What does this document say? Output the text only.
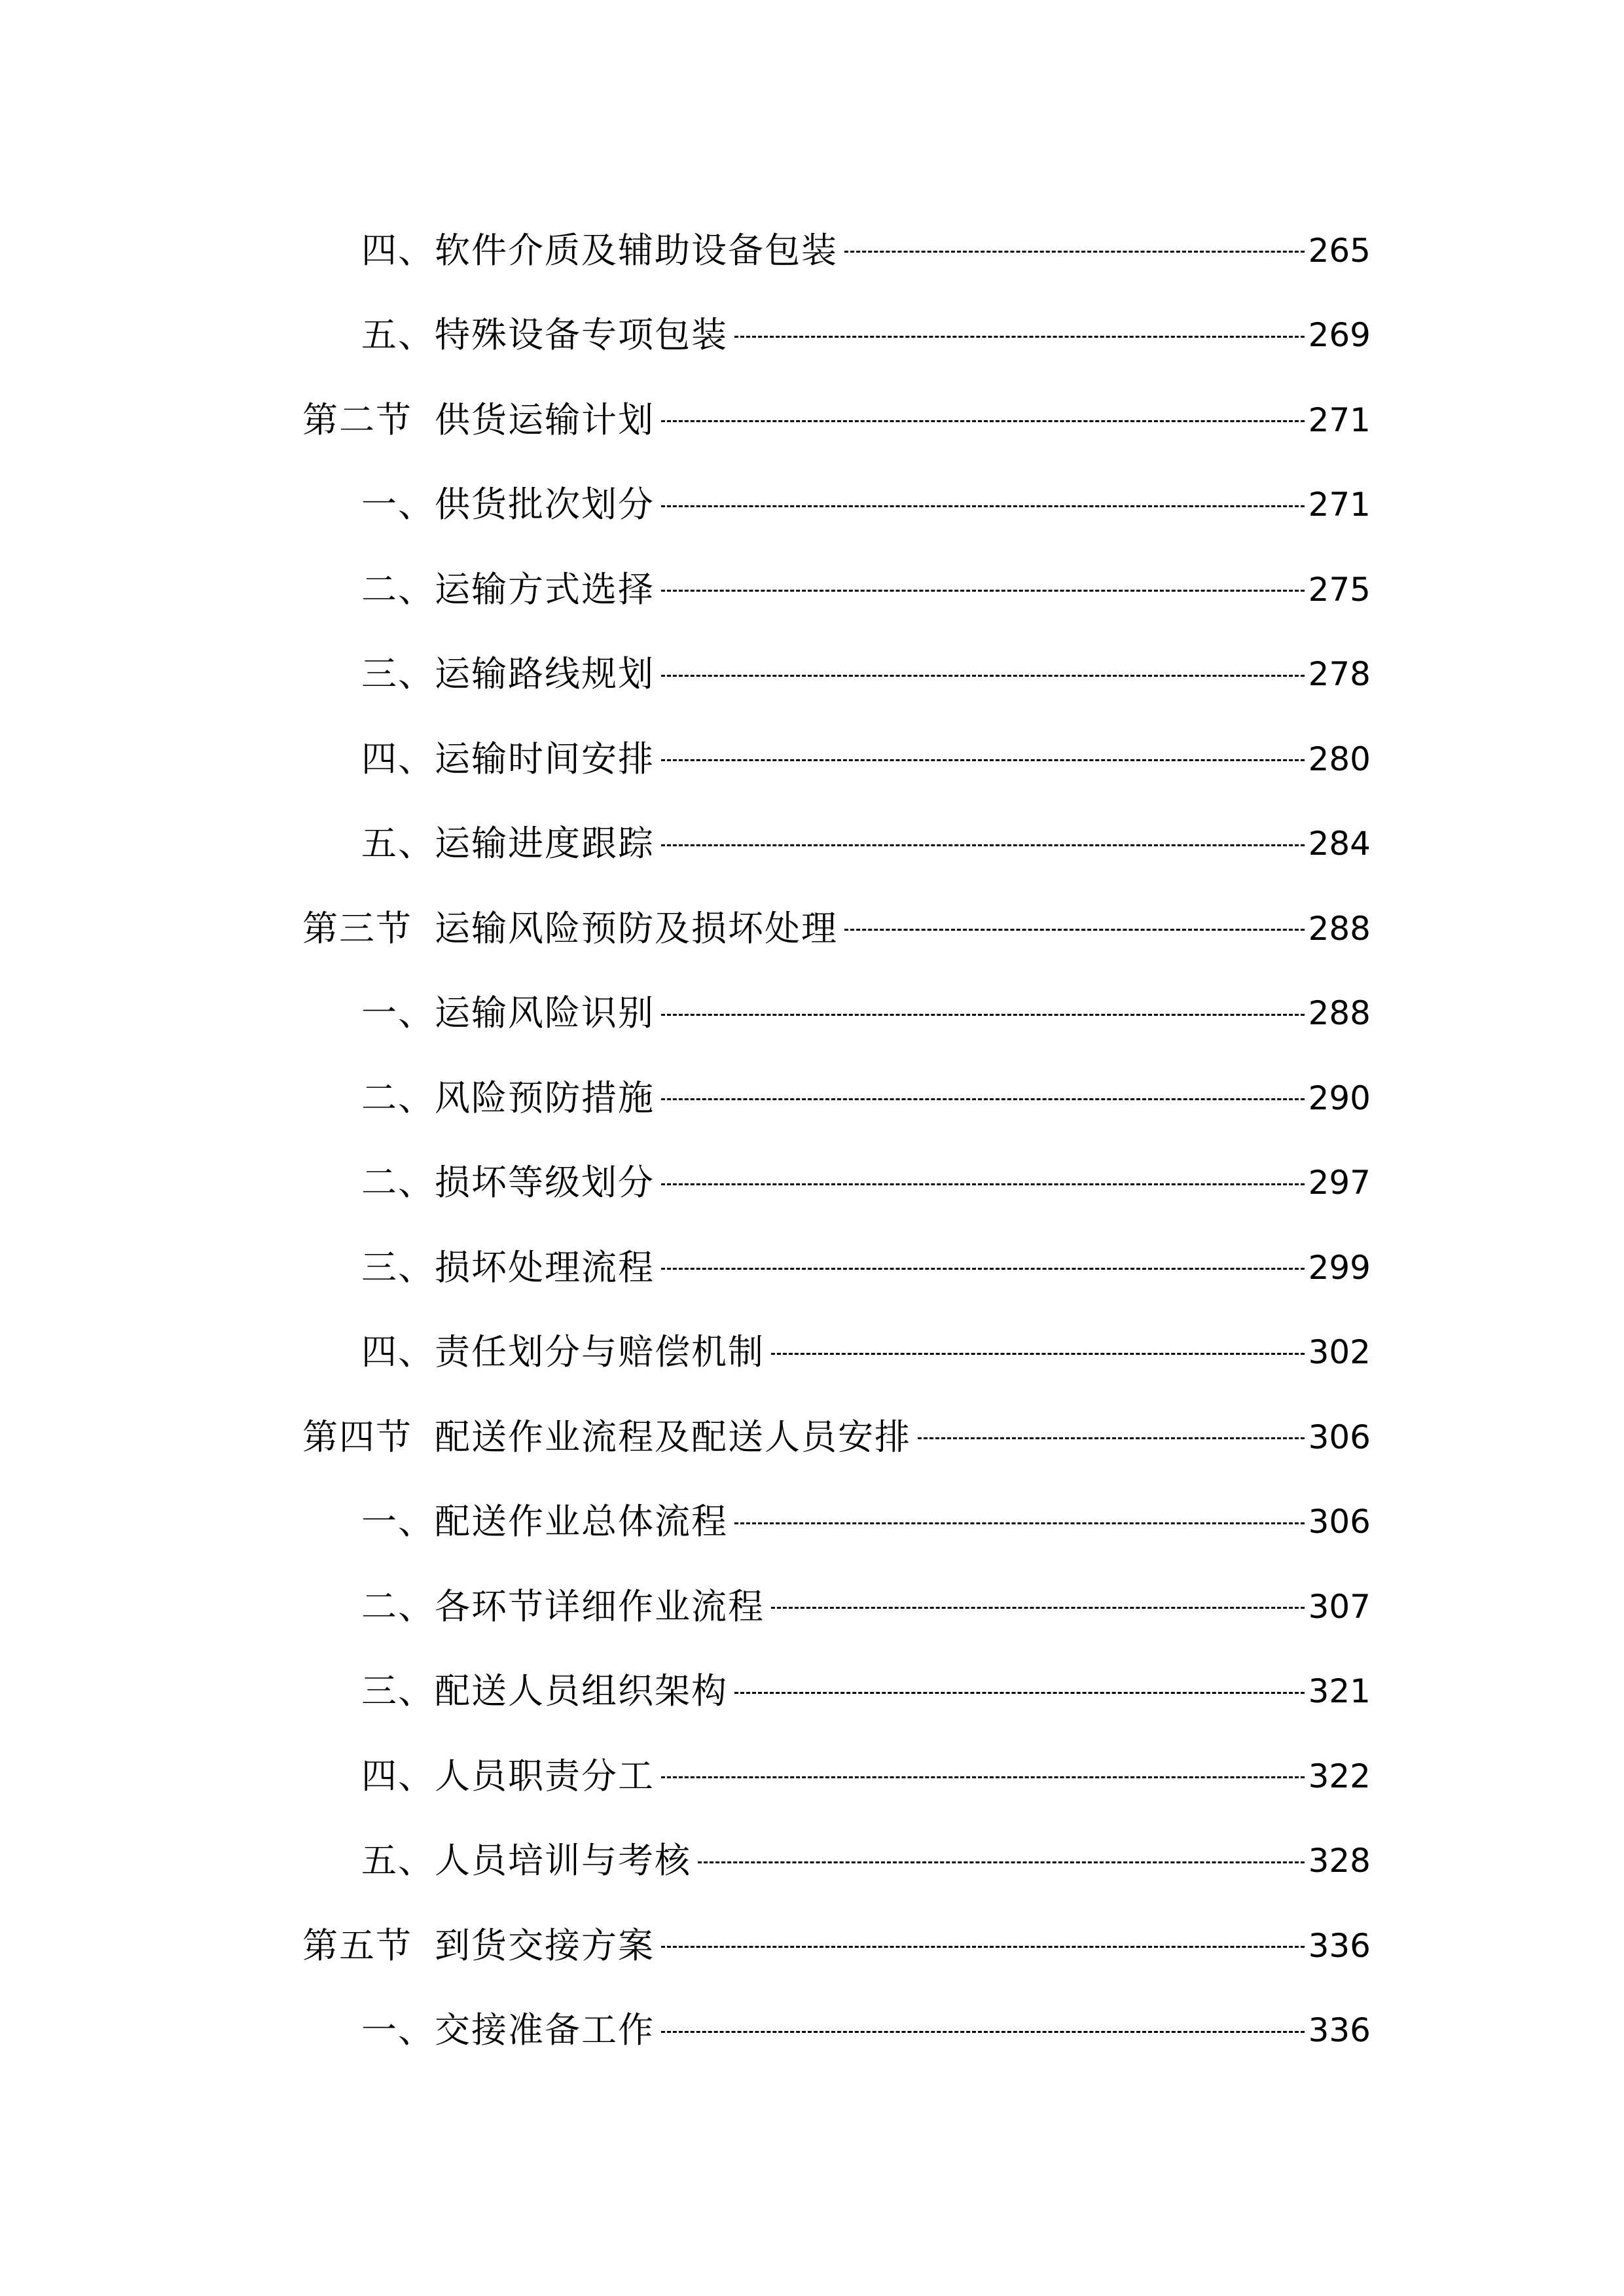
四、软件介质及辅助设备包装	265
五、特殊设备专项包装	269
第二节 供货运输计划	271
一、供货批次划分	271
二、运输方式选择	275
三、运输路线规划	278
四、运输时间安排	280
五、运输进度跟踪	284
第三节 运输风险预防及损坏处理	288
一、运输风险识别	288
二、风险预防措施	290
二、损坏等级划分	297
三、损坏处理流程	299
四、责任划分与赔偿机制	302
第四节 配送作业流程及配送人员安排	306
一、配送作业总体流程	306
二、各环节详细作业流程	307
三、配送人员组织架构	321
四、人员职责分工	322
五、人员培训与考核	328
第五节 到货交接方案	336
一、交接准备工作	336
